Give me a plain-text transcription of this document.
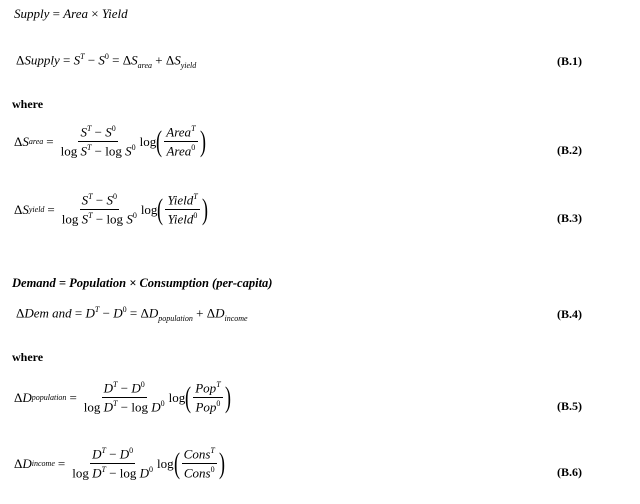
Supply = Area × Yield
ΔSupply = $S^T - S^0 = \Delta S_{area} + \Delta S_{yield}$	(B.1)
where
Δ S area = $\frac{S^T - S^0}{\log S^T - \log S^0}$ log ( $\frac{Area^T}{Area^0}$ )	(B.2)
Δ S yield = $\frac{S^T - S^0}{\log S^T - \log S^0}$ log ( $\frac{Yield^T}{Yield^0}$ )	(B.3)
Demand = Population × Consumption (per-capita)
ΔDem and = $D^T - D^0 = \Delta D_{population} + \Delta D_{income}$	(B.4)
where
Δ D population = $\frac{D^T - D^0}{\log D^T - \log D^0}$ log ( $\frac{Pop^T}{Pop^0}$ )	(B.5)
Δ D income = $\frac{D^T - D^0}{\log D^T - \log D^0}$ log ( $\frac{Cons^T}{Cons^0}$ )	(B.6)
